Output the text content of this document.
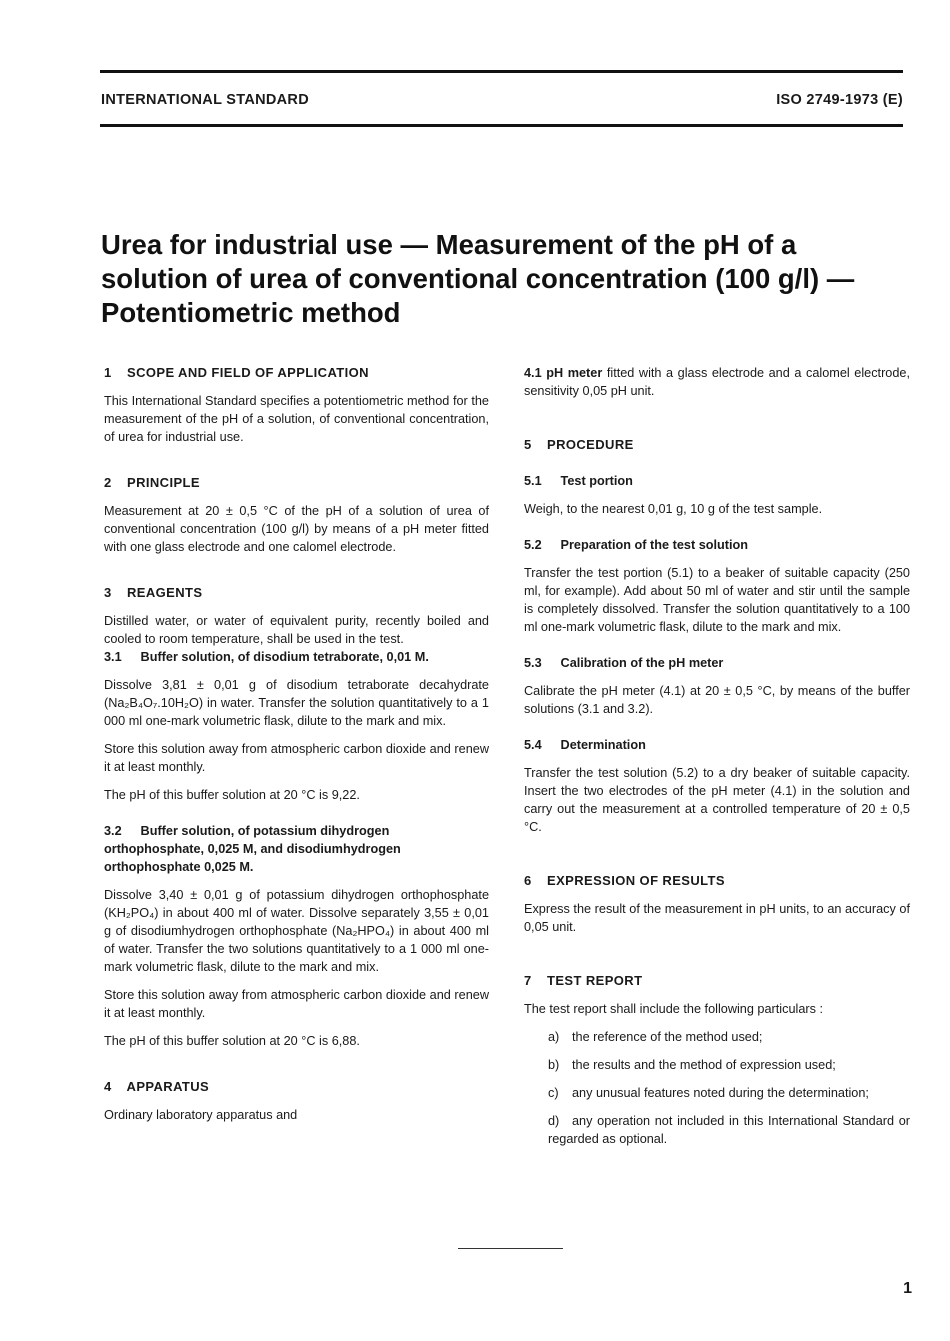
INTERNATIONAL STANDARD	ISO 2749-1973 (E)
Urea for industrial use — Measurement of the pH of a solution of urea of conventional concentration (100 g/l) — Potentiometric method
1 SCOPE AND FIELD OF APPLICATION

This International Standard specifies a potentiometric method for the measurement of the pH of a solution, of conventional concentration, of urea for industrial use.

2 PRINCIPLE

Measurement at 20 ± 0,5 °C of the pH of a solution of urea of conventional concentration (100 g/l) by means of a pH meter fitted with one glass electrode and one calomel electrode.

3 REAGENTS

Distilled water, or water of equivalent purity, recently boiled and cooled to room temperature, shall be used in the test.

3.1 Buffer solution, of disodium tetraborate, 0,01 M.

Dissolve 3,81 ± 0,01 g of disodium tetraborate decahydrate (Na₂B₄O₇.10H₂O) in water. Transfer the solution quantitatively to a 1 000 ml one-mark volumetric flask, dilute to the mark and mix.

Store this solution away from atmospheric carbon dioxide and renew it at least monthly.

The pH of this buffer solution at 20 °C is 9,22.

3.2 Buffer solution, of potassium dihydrogen orthophosphate, 0,025 M, and disodiumhydrogen orthophosphate 0,025 M.

Dissolve 3,40 ± 0,01 g of potassium dihydrogen orthophosphate (KH₂PO₄) in about 400 ml of water. Dissolve separately 3,55 ± 0,01 g of disodiumhydrogen orthophosphate (Na₂HPO₄) in about 400 ml of water. Transfer the two solutions quantitatively to a 1 000 ml one-mark volumetric flask, dilute to the mark and mix.

Store this solution away from atmospheric carbon dioxide and renew it at least monthly.

The pH of this buffer solution at 20 °C is 6,88.

4 APPARATUS

Ordinary laboratory apparatus and

4.1 pH meter fitted with a glass electrode and a calomel electrode, sensitivity 0,05 pH unit.

5 PROCEDURE
5.1 Test portion

Weigh, to the nearest 0,01 g, 10 g of the test sample.

5.2 Preparation of the test solution

Transfer the test portion (5.1) to a beaker of suitable capacity (250 ml, for example). Add about 50 ml of water and stir until the sample is completely dissolved. Transfer the solution quantitatively to a 100 ml one-mark volumetric flask, dilute to the mark and mix.

5.3 Calibration of the pH meter

Calibrate the pH meter (4.1) at 20 ± 0,5 °C, by means of the buffer solutions (3.1 and 3.2).

5.4 Determination

Transfer the test solution (5.2) to a dry beaker of suitable capacity. Insert the two electrodes of the pH meter (4.1) in the solution and carry out the measurement at a controlled temperature of 20 ± 0,5 °C.

6 EXPRESSION OF RESULTS

Express the result of the measurement in pH units, to an accuracy of 0,05 unit.

7 TEST REPORT

The test report shall include the following particulars :

a) the reference of the method used;

b) the results and the method of expression used;

c) any unusual features noted during the determination;

d) any operation not included in this International Standard or regarded as optional.

1
